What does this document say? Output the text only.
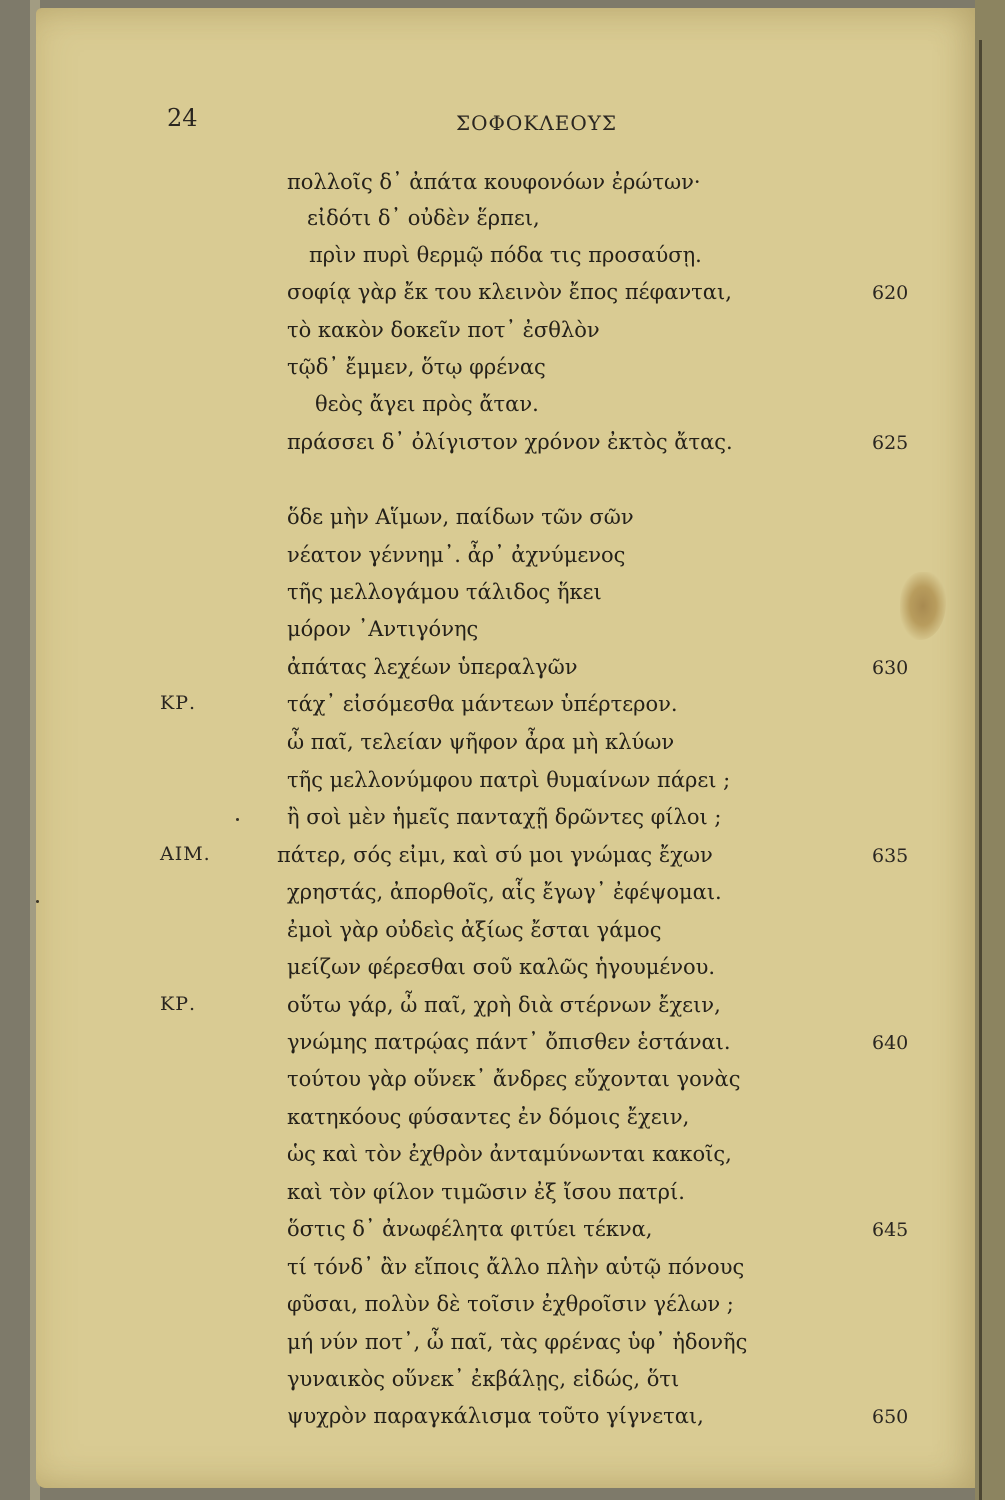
24	ΣΟΦΟΚΛΕΟΥΣ
πολλοῖς δ᾽ ἀπάτα κουφονόων ἐρώτων·
εἰδότι δ᾽ οὐδὲν ἕρπει,
πρὶν πυρὶ θερμῷ πόδα τις προσαύσῃ.
σοφίᾳ γὰρ ἔκ του κλεινὸν ἔπος πέφανται,	620
τὸ κακὸν δοκεῖν ποτ᾽ ἐσθλὸν
τῷδ᾽ ἔμμεν, ὅτῳ φρένας
θεὸς ἄγει πρὸς ἄταν.
πράσσει δ᾽ ὀλίγιστον χρόνον ἐκτὸς ἄτας.	625
ὅδε μὴν Αἵμων, παίδων τῶν σῶν
νέατον γέννημ᾽. ἆρ᾽ ἀχνύμενος
τῆς μελλογάμου τάλιδος ἥκει
μόρον ᾽Αντιγόνης
ἀπάτας λεχέων ὑπεραλγῶν	630
ΚΡ.	τάχ᾽ εἰσόμεσθα μάντεων ὑπέρτερον.
ὦ παῖ, τελείαν ψῆφον ἆρα μὴ κλύων
τῆς μελλονύμφου πατρὶ θυμαίνων πάρει ;
ἢ σοὶ μὲν ἡμεῖς πανταχῇ δρῶντες φίλοι ;
ΑΙΜ.	πάτερ, σός εἰμι, καὶ σύ μοι γνώμας ἔχων	635
χρηστάς, ἀπορθοῖς, αἷς ἔγωγ᾽ ἐφέψομαι.
ἐμοὶ γὰρ οὐδεὶς ἀξίως ἔσται γάμος
μείζων φέρεσθαι σοῦ καλῶς ἡγουμένου.
ΚΡ.	οὕτω γάρ, ὦ παῖ, χρὴ διὰ στέρνων ἔχειν,
γνώμης πατρῴας πάντ᾽ ὄπισθεν ἑστάναι.	640
τούτου γὰρ οὕνεκ᾽ ἄνδρες εὔχονται γονὰς
κατηκόους φύσαντες ἐν δόμοις ἔχειν,
ὡς καὶ τὸν ἐχθρὸν ἀνταμύνωνται κακοῖς,
καὶ τὸν φίλον τιμῶσιν ἐξ ἴσου πατρί.
ὅστις δ᾽ ἀνωφέλητα φιτύει τέκνα,	645
τί τόνδ᾽ ἂν εἴποις ἄλλο πλὴν αὑτῷ πόνους
φῦσαι, πολὺν δὲ τοῖσιν ἐχθροῖσιν γέλων ;
μή νύν ποτ᾽, ὦ παῖ, τὰς φρένας ὑφ᾽ ἡδονῆς
γυναικὸς οὕνεκ᾽ ἐκβάλῃς, εἰδώς, ὅτι
ψυχρὸν παραγκάλισμα τοῦτο γίγνεται,	650
